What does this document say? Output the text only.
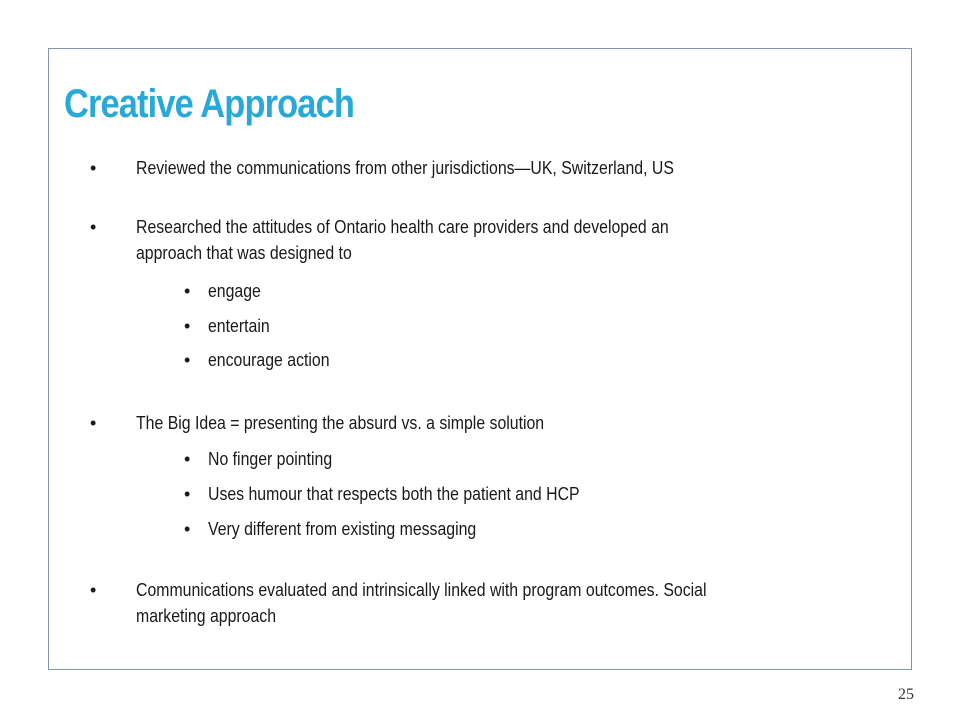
Creative Approach
• Reviewed the communications from other jurisdictions—UK, Switzerland, US
• Researched the attitudes of Ontario health care providers and developed an
approach that was designed to
• engage
• entertain
• encourage action
• The Big Idea = presenting the absurd vs. a simple solution
• No finger pointing
• Uses humour that respects both the patient and HCP
• Very different from existing messaging
• Communications evaluated and intrinsically linked with program outcomes. Social
marketing approach
25
